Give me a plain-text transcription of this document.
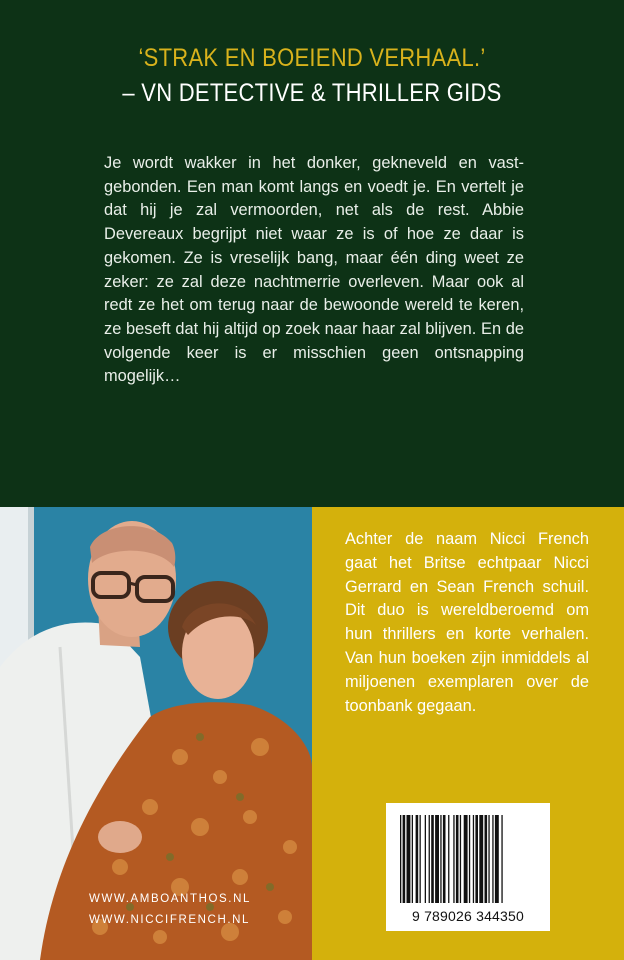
‘STRAK EN BOEIEND VERHAAL.’
– VN DETECTIVE & THRILLER GIDS

Je wordt wakker in het donker, gekneveld en vastgebonden. Een man komt langs en voedt je. En vertelt je dat hij je zal vermoorden, net als de rest. Abbie Devereaux begrijpt niet waar ze is of hoe ze daar is gekomen. Ze is vreselijk bang, maar één ding weet ze zeker: ze zal deze nachtmerrie overleven. Maar ook al redt ze het om terug naar de bewoonde wereld te keren, ze beseft dat hij altijd op zoek naar haar zal blijven. En de volgende keer is er misschien geen ontsnapping mogelijk…

Achter de naam Nicci French gaat het Britse echtpaar Nicci Gerrard en Sean French schuil. Dit duo is wereldberoemd om hun thrillers en korte verhalen. Van hun boeken zijn inmiddels al miljoenen exemplaren over de toonbank gegaan.
9 789026 344350
WWW.AMBOANTHOS.NL
WWW.NICCIFRENCH.NL
